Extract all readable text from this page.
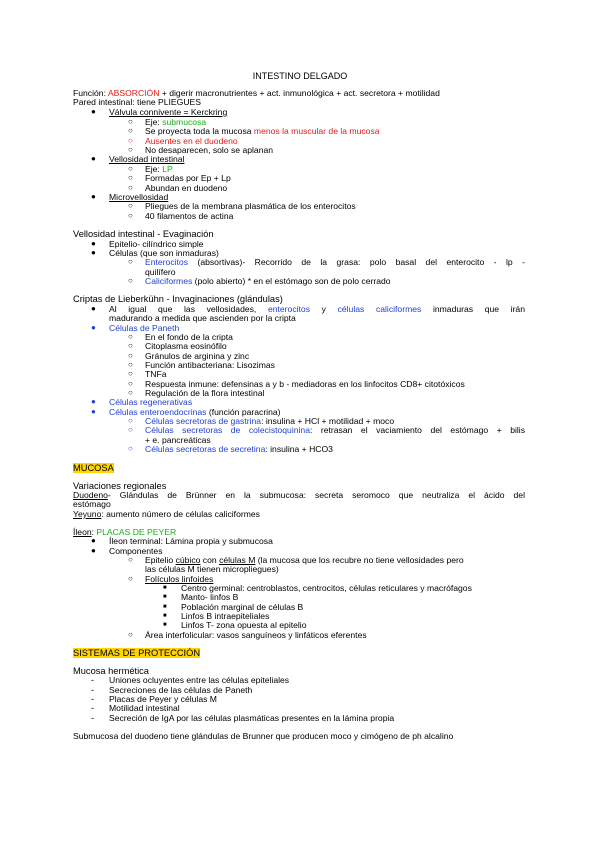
INTESTINO DELGADO
Función: ABSORCIÓN + digerir macronutrientes + act. inmunológica + act. secretora + motilidad
Pared intestinal: tiene PLIEGUES
●	Válvula connivente = Kerckring
○	Eje: submucosa
○	Se proyecta toda la mucosa menos la muscular de la mucosa
○	Ausentes en el duodeno
○	No desaparecen, solo se aplanan
●	Vellosidad intestinal
○	Eje: LP
○	Formadas por Ep + Lp
○	Abundan en duodeno
●	Microvellosidad
○	Pliegues de la membrana plasmática de los enterocitos
○	40 filamentos de actina
Vellosidad intestinal - Evaginación
●	Epitelio- cilíndrico simple
●	Células (que son inmaduras)
○	Enterocitos (absortivas)- Recorrido de la grasa: polo basal del enterocito - lp -
quilífero
○	Caliciformes (polo abierto) * en el estómago son de polo cerrado
Criptas de Lieberkühn - Invaginaciones (glándulas)
●	Al igual que las vellosidades, enterocitos y células caliciformes inmaduras que irán
madurando a medida que ascienden por la cripta
●	Células de Paneth
○	En el fondo de la cripta
○	Citoplasma eosinófilo
○	Gránulos de arginina y zinc
○	Función antibacteriana: Lisozimas
○	TNFa
○	Respuesta inmune: defensinas a y b - mediadoras en los linfocitos CD8+ citotóxicos
○	Regulación de la flora intestinal
●	Células regenerativas
●	Células enteroendocrinas (función paracrina)
○	Células secretoras de gastrina: insulina + HCl + motilidad + moco
○	Células secretoras de colecistoquinina: retrasan el vaciamiento del estómago + bilis
+ e. pancreáticas
○	Células secretoras de secretina: insulina + HCO3
MUCOSA
Variaciones regionales
Duodeno- Glándulas de Brünner en la submucosa: secreta seromoco que neutraliza el ácido del
estómago
Yeyuno: aumento número de células caliciformes
Íleon: PLACAS DE PEYER
●	Íleon terminal: Lámina propia y submucosa
●	Componentes
○	Epitelio cúbico con células M (la mucosa que los recubre no tiene vellosidades pero
las células M tienen micropliegues)
○	Folículos linfoides
■	Centro germinal: centroblastos, centrocitos, células reticulares y macrófagos
■	Manto- linfos B
■	Población marginal de células B
■	Linfos B intraepiteliales
■	Linfos T- zona opuesta al epitelio
○	Área interfolicular: vasos sanguíneos y linfáticos eferentes
SISTEMAS DE PROTECCIÓN
Mucosa hermética
-	Uniones ocluyentes entre las células epiteliales
-	Secreciones de las células de Paneth
-	Placas de Peyer y células M
-	Motilidad intestinal
-	Secreción de IgA por las células plasmáticas presentes en la lámina propia
Submucosa del duodeno tiene glándulas de Brunner que producen moco y cimógeno de ph alcalino
